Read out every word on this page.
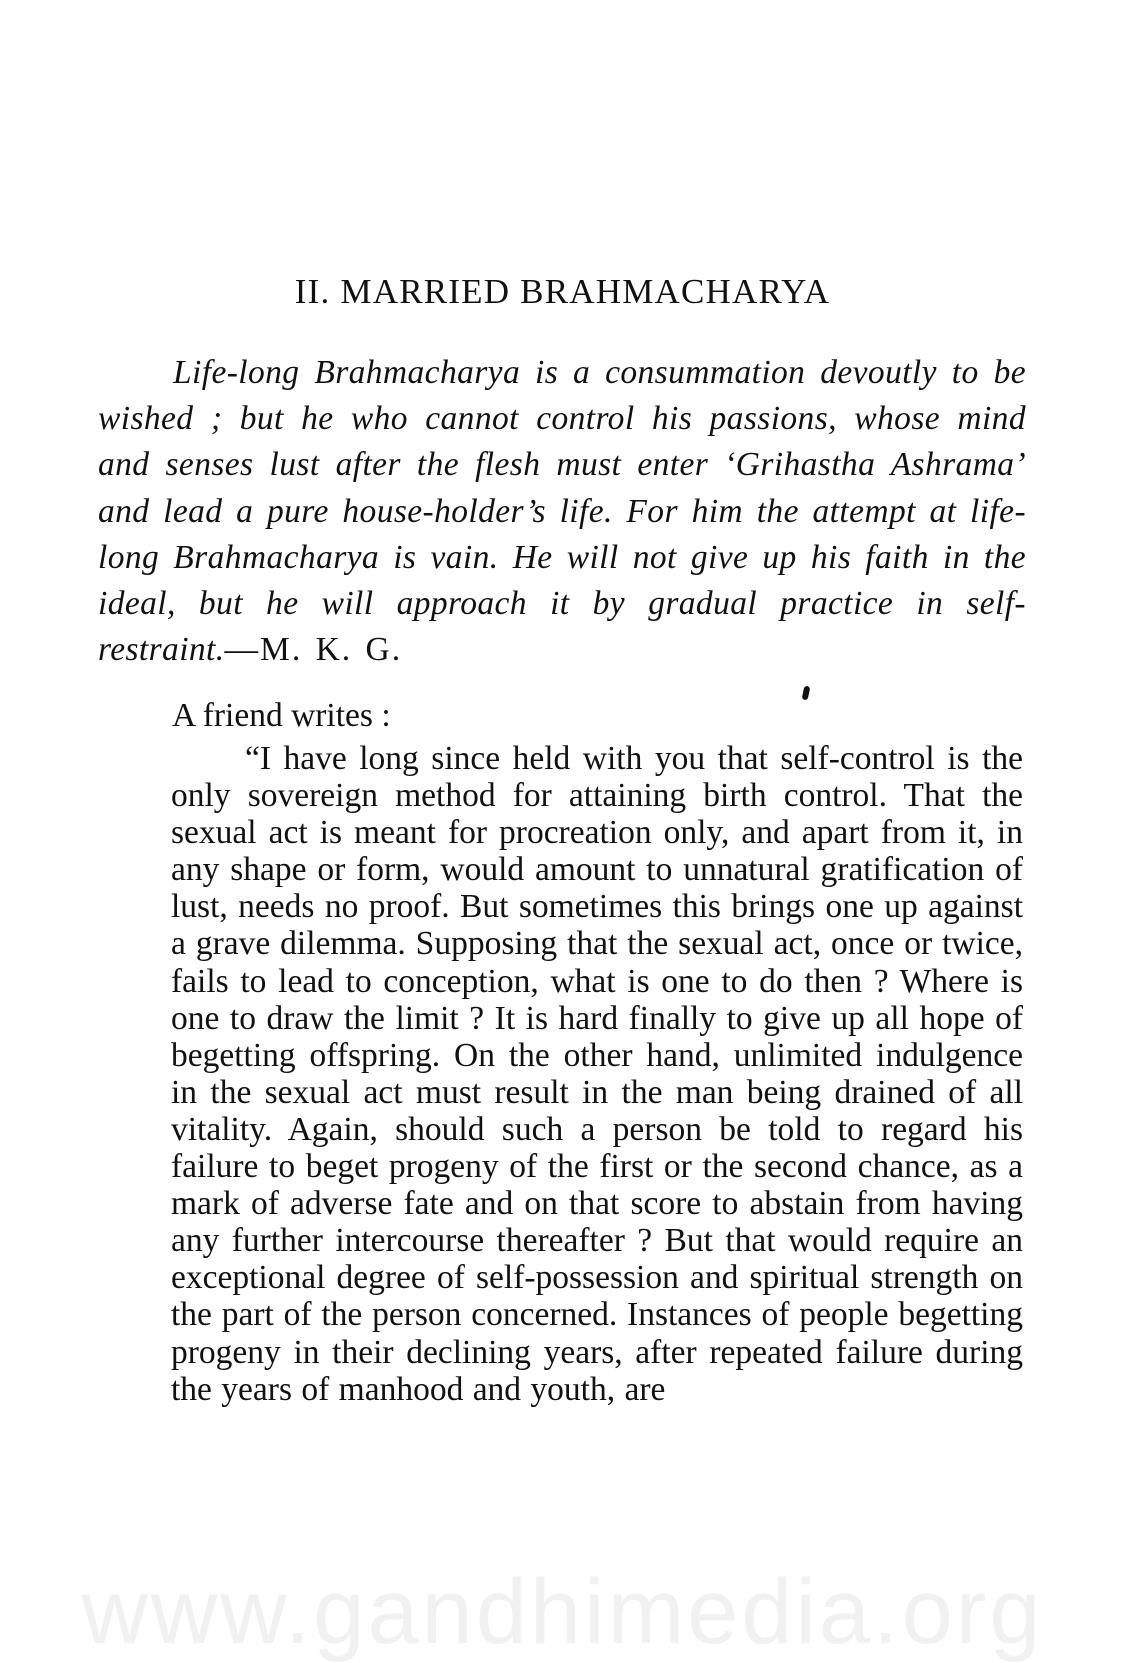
II. MARRIED BRAHMACHARYA

Life-long Brahmacharya is a consummation devoutly to be wished ; but he who cannot control his passions, whose mind and senses lust after the flesh must enter ‘Grihastha Ashrama’ and lead a pure house-holder’s life. For him the attempt at life-long Brahmacharya is vain. He will not give up his faith in the ideal, but he will approach it by gradual practice in self-restraint.—M. K. G.

A friend writes :

“I have long since held with you that self-control is the only sovereign method for attaining birth control. That the sexual act is meant for procreation only, and apart from it, in any shape or form, would amount to unnatural gratification of lust, needs no proof. But sometimes this brings one up against a grave dilemma. Supposing that the sexual act, once or twice, fails to lead to conception, what is one to do then ? Where is one to draw the limit ? It is hard finally to give up all hope of begetting offspring. On the other hand, unlimited indulgence in the sexual act must result in the man being drained of all vitality. Again, should such a person be told to regard his failure to beget progeny of the first or the second chance, as a mark of adverse fate and on that score to abstain from having any further intercourse thereafter ? But that would require an exceptional degree of self-possession and spiritual strength on the part of the person concerned. Instances of people begetting progeny in their declining years, after repeated failure during the years of manhood and youth, are

www.gandhimedia.org
